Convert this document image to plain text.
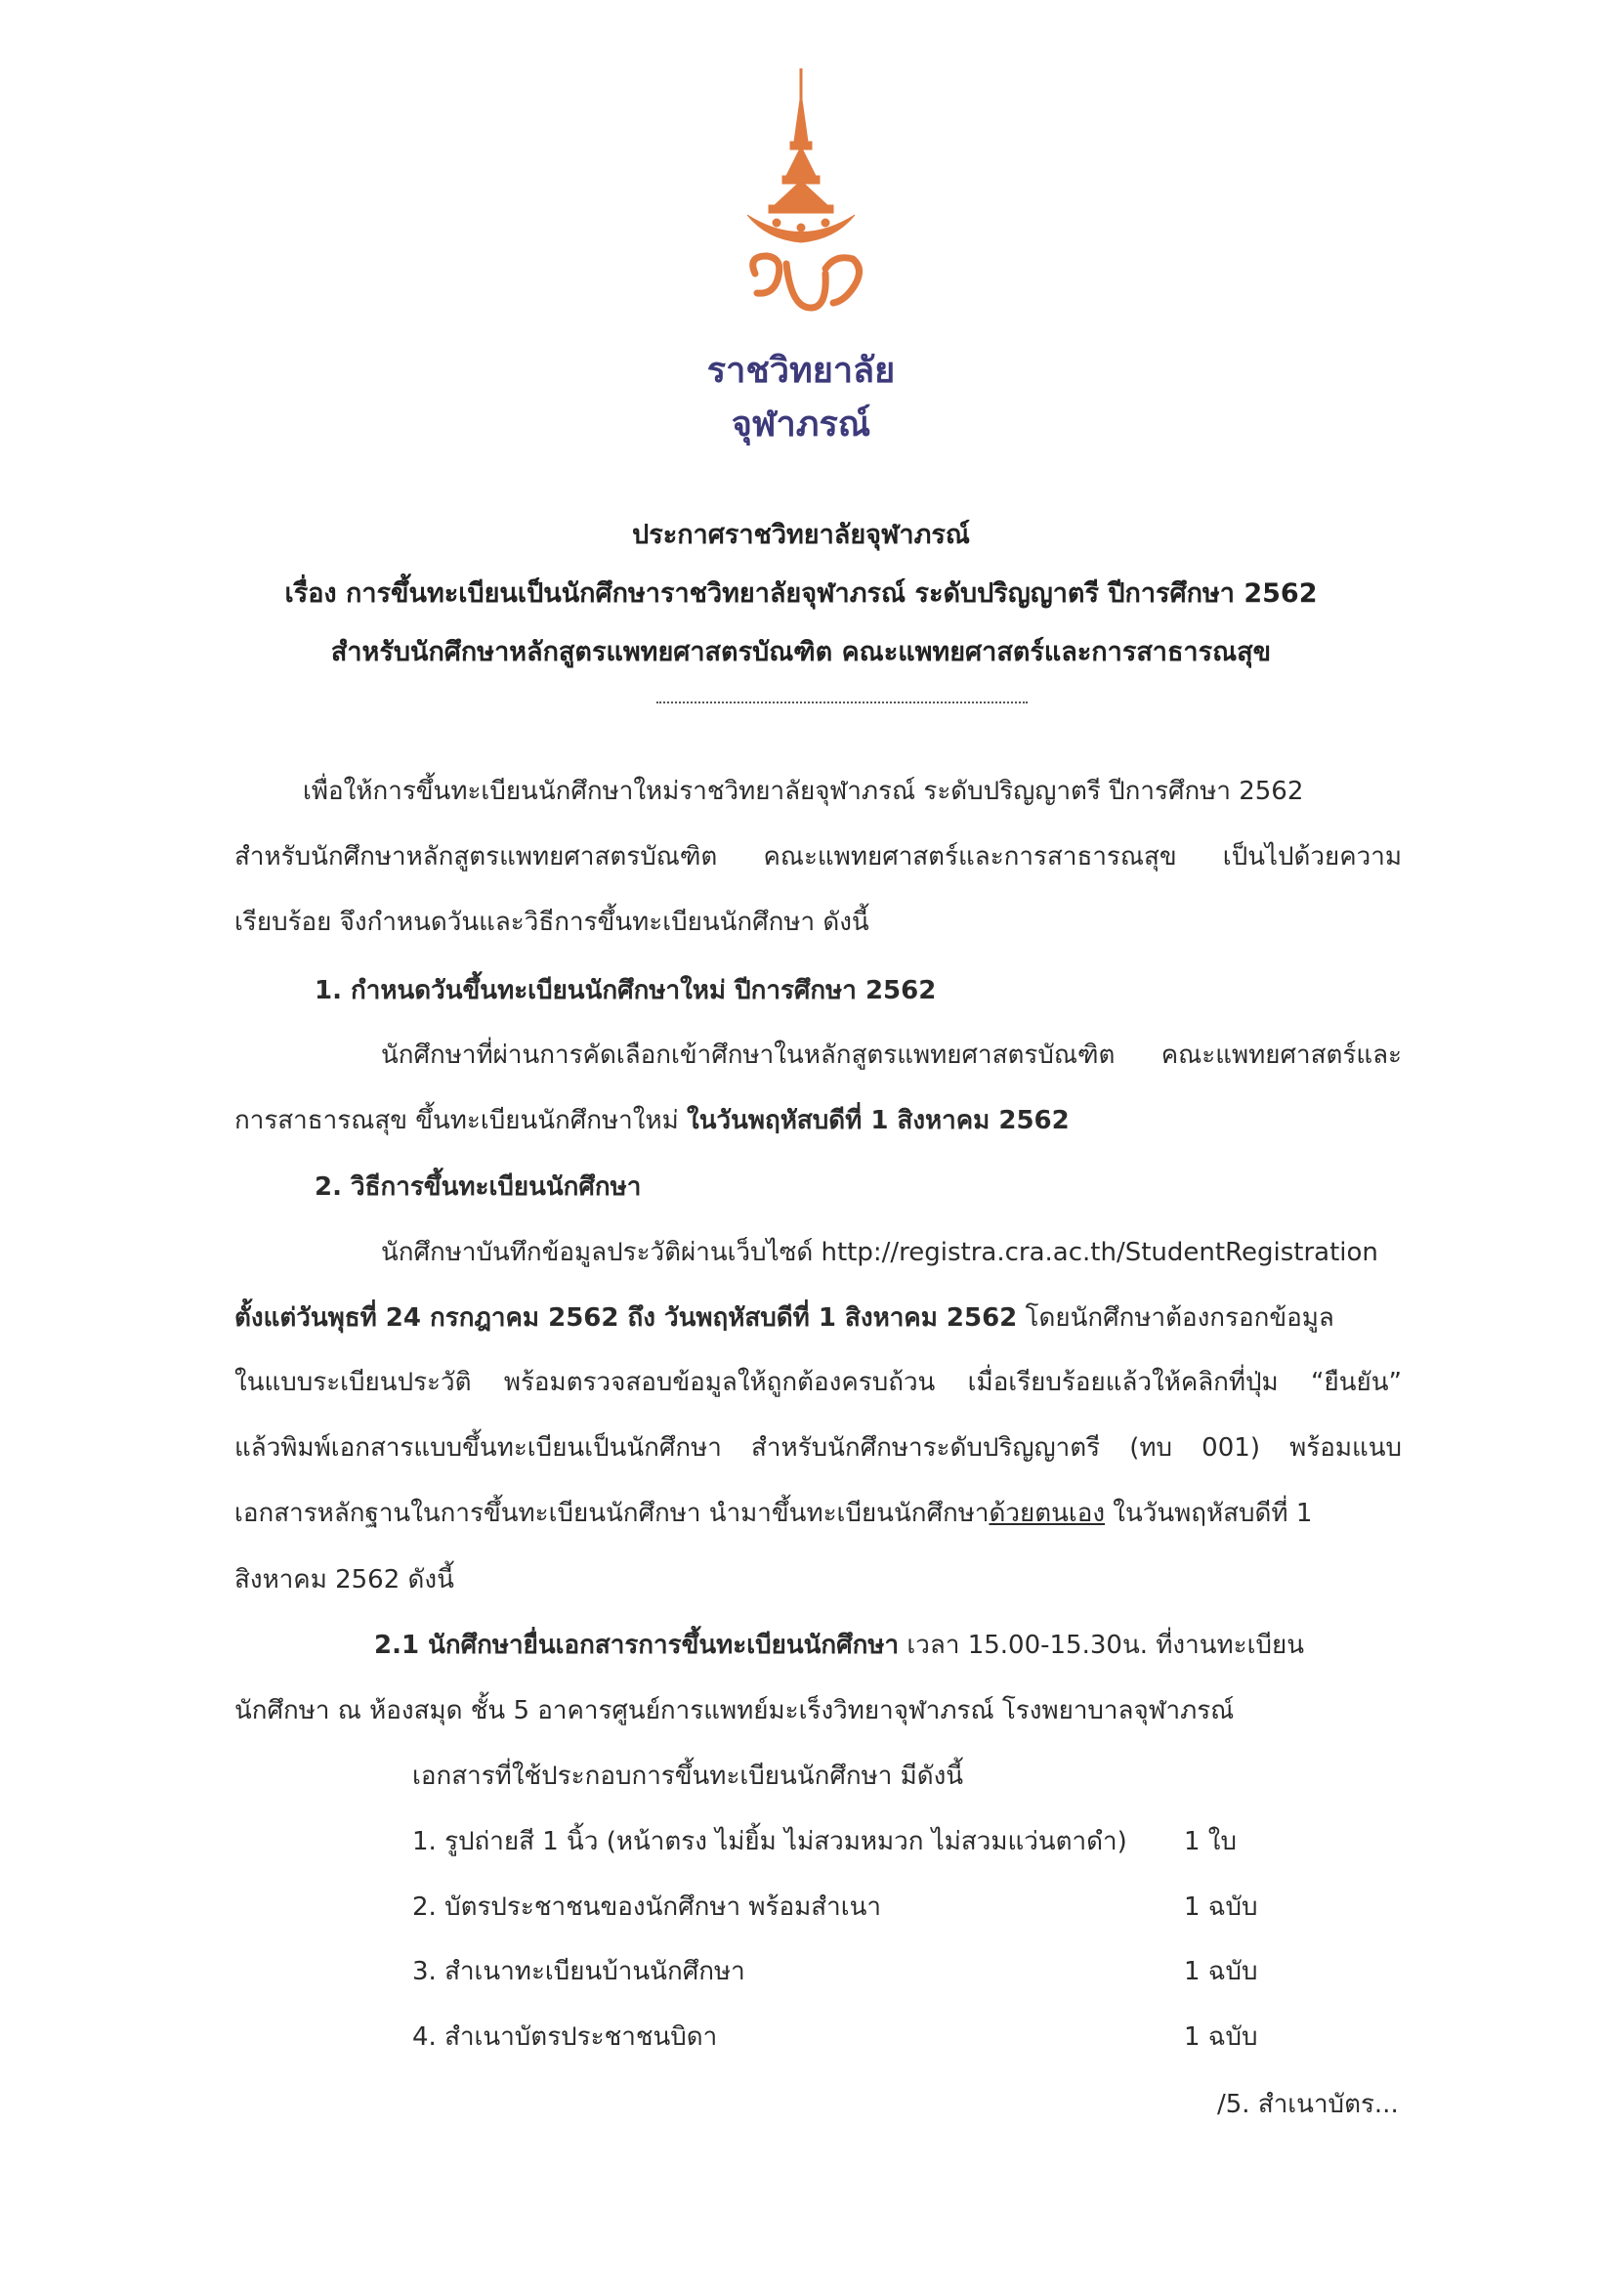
ราชวิทยาลัย
จุฬาภรณ์
ประกาศราชวิทยาลัยจุฬาภรณ์
เรื่อง การขึ้นทะเบียนเป็นนักศึกษาราชวิทยาลัยจุฬาภรณ์ ระดับปริญญาตรี ปีการศึกษา 2562
สำหรับนักศึกษาหลักสูตรแพทยศาสตรบัณฑิต คณะแพทยศาสตร์และการสาธารณสุข
เพื่อให้การขึ้นทะเบียนนักศึกษาใหม่ราชวิทยาลัยจุฬาภรณ์ ระดับปริญญาตรี ปีการศึกษา 2562
สำหรับนักศึกษาหลักสูตรแพทยศาสตรบัณฑิต คณะแพทยศาสตร์และการสาธารณสุข เป็นไปด้วยความ
เรียบร้อย จึงกำหนดวันและวิธีการขึ้นทะเบียนนักศึกษา ดังนี้
1. กำหนดวันขึ้นทะเบียนนักศึกษาใหม่ ปีการศึกษา 2562
นักศึกษาที่ผ่านการคัดเลือกเข้าศึกษาในหลักสูตรแพทยศาสตรบัณฑิต คณะแพทยศาสตร์และ
การสาธารณสุข ขึ้นทะเบียนนักศึกษาใหม่ ในวันพฤหัสบดีที่ 1 สิงหาคม 2562
2. วิธีการขึ้นทะเบียนนักศึกษา
นักศึกษาบันทึกข้อมูลประวัติผ่านเว็บไซด์ http://registra.cra.ac.th/StudentRegistration
ตั้งแต่วันพุธที่ 24 กรกฎาคม 2562 ถึง วันพฤหัสบดีที่ 1 สิงหาคม 2562 โดยนักศึกษาต้องกรอกข้อมูล
ในแบบระเบียนประวัติ พร้อมตรวจสอบข้อมูลให้ถูกต้องครบถ้วน เมื่อเรียบร้อยแล้วให้คลิกที่ปุ่ม “ยืนยัน”
แล้วพิมพ์เอกสารแบบขึ้นทะเบียนเป็นนักศึกษา สำหรับนักศึกษาระดับปริญญาตรี (ทบ 001) พร้อมแนบ
เอกสารหลักฐานในการขึ้นทะเบียนนักศึกษา นำมาขึ้นทะเบียนนักศึกษาด้วยตนเอง ในวันพฤหัสบดีที่ 1
สิงหาคม 2562 ดังนี้
2.1 นักศึกษายื่นเอกสารการขึ้นทะเบียนนักศึกษา เวลา 15.00-15.30น. ที่งานทะเบียน
นักศึกษา ณ ห้องสมุด ชั้น 5 อาคารศูนย์การแพทย์มะเร็งวิทยาจุฬาภรณ์ โรงพยาบาลจุฬาภรณ์
เอกสารที่ใช้ประกอบการขึ้นทะเบียนนักศึกษา มีดังนี้
1. รูปถ่ายสี 1 นิ้ว (หน้าตรง ไม่ยิ้ม ไม่สวมหมวก ไม่สวมแว่นตาดำ) 1 ใบ
2. บัตรประชาชนของนักศึกษา พร้อมสำเนา	1 ฉบับ
3. สำเนาทะเบียนบ้านนักศึกษา	1 ฉบับ
4. สำเนาบัตรประชาชนบิดา	1 ฉบับ
/5. สำเนาบัตร...
